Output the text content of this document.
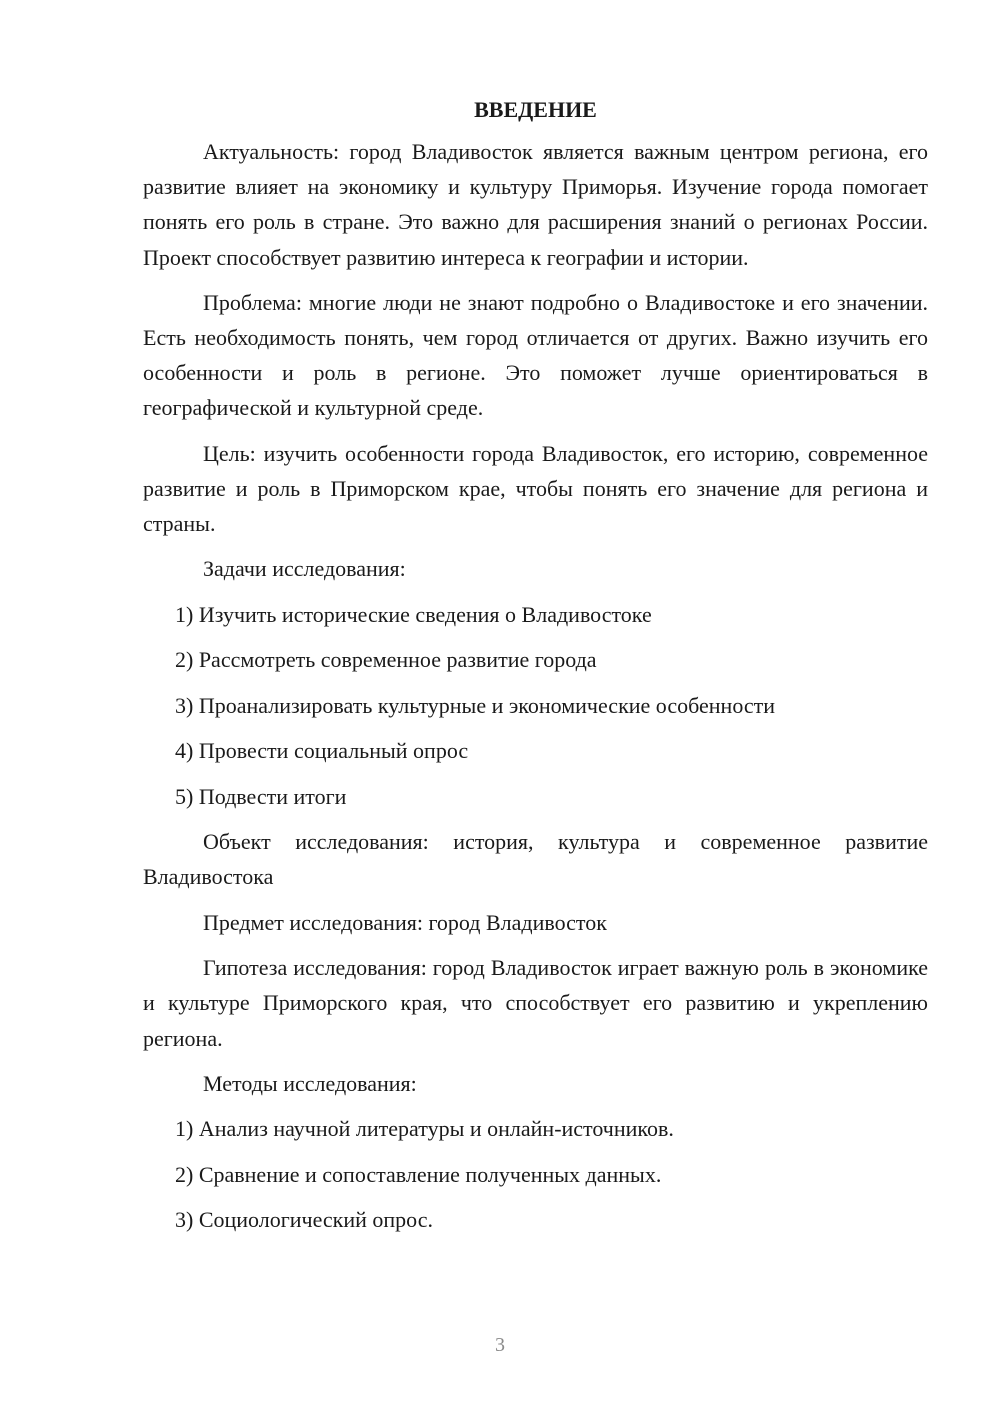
ВВЕДЕНИЕ

Актуальность: город Владивосток является важным центром региона, его развитие влияет на экономику и культуру Приморья. Изучение города помогает понять его роль в стране. Это важно для расширения знаний о регионах России. Проект способствует развитию интереса к географии и истории.

Проблема: многие люди не знают подробно о Владивостоке и его значении. Есть необходимость понять, чем город отличается от других. Важно изучить его особенности и роль в регионе. Это поможет лучше ориентироваться в географической и культурной среде.

Цель: изучить особенности города Владивосток, его историю, современное развитие и роль в Приморском крае, чтобы понять его значение для региона и страны.

Задачи исследования:
1) Изучить исторические сведения о Владивостоке
2) Рассмотреть современное развитие города
3) Проанализировать культурные и экономические особенности
4) Провести социальный опрос
5) Подвести итоги

Объект исследования: история, культура и современное развитие Владивостока

Предмет исследования: город Владивосток

Гипотеза исследования: город Владивосток играет важную роль в экономике и культуре Приморского края, что способствует его развитию и укреплению региона.

Методы исследования:
1) Анализ научной литературы и онлайн-источников.
2) Сравнение и сопоставление полученных данных.
3) Социологический опрос.
3
